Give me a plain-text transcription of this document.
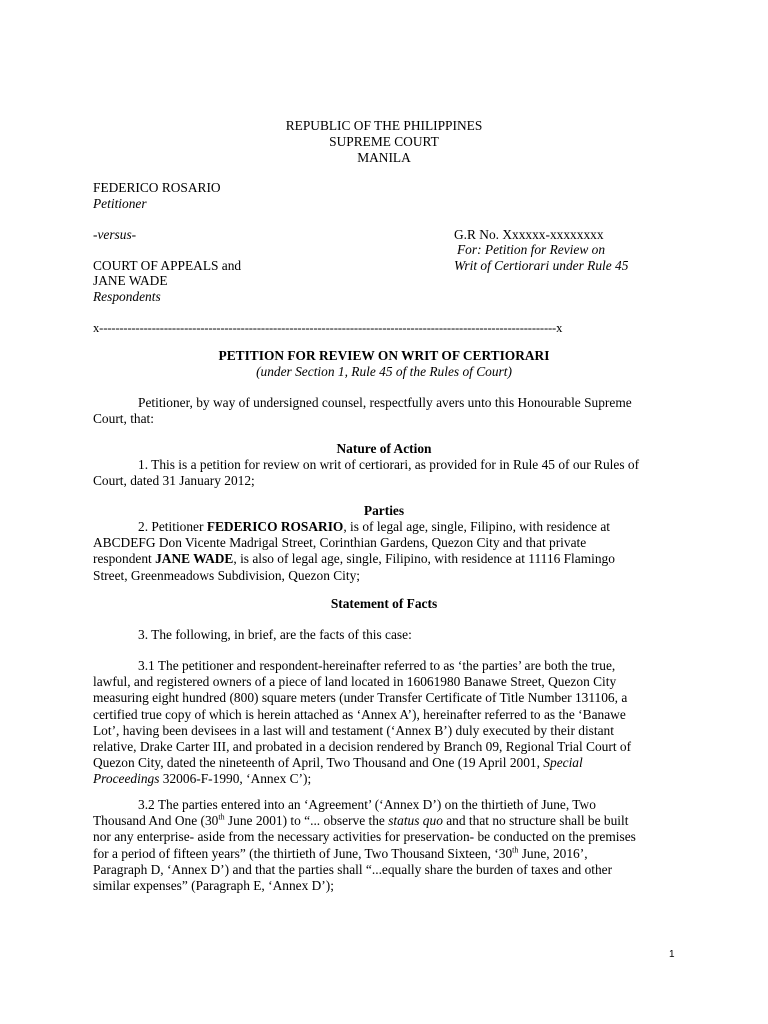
REPUBLIC OF THE PHILIPPINES
SUPREME COURT
MANILA
FEDERICO ROSARIO
Petitioner
-versus-
COURT OF APPEALS and
JANE WADE
Respondents
G.R No. Xxxxxx-xxxxxxxx
For: Petition for Review on
Writ of Certiorari under Rule 45
x-----------------------------------------------------------------------------------------------------------------x
PETITION FOR REVIEW ON WRIT OF CERTIORARI
(under Section 1, Rule 45 of the Rules of Court)
Petitioner, by way of undersigned counsel, respectfully avers unto this Honourable Supreme
Court, that:
Nature of Action
1. This is a petition for review on writ of certiorari, as provided for in Rule 45 of our Rules of
Court, dated 31 January 2012;
Parties
2. Petitioner FEDERICO ROSARIO, is of legal age, single, Filipino, with residence at
ABCDEFG Don Vicente Madrigal Street, Corinthian Gardens, Quezon City and that private
respondent JANE WADE, is also of legal age, single, Filipino, with residence at 11116 Flamingo
Street, Greenmeadows Subdivision, Quezon City;
Statement of Facts
3. The following, in brief, are the facts of this case:
3.1 The petitioner and respondent-hereinafter referred to as ‘the parties’ are both the true,
lawful, and registered owners of a piece of land located in 16061980 Banawe Street, Quezon City
measuring eight hundred (800) square meters (under Transfer Certificate of Title Number 131106, a
certified true copy of which is herein attached as ‘Annex A’), hereinafter referred to as the ‘Banawe
Lot’, having been devisees in a last will and testament (‘Annex B’) duly executed by their distant
relative, Drake Carter III, and probated in a decision rendered by Branch 09, Regional Trial Court of
Quezon City, dated the nineteenth of April, Two Thousand and One (19 April 2001, Special
Proceedings 32006-F-1990, ‘Annex C’);
3.2 The parties entered into an ‘Agreement’ (‘Annex D’) on the thirtieth of June, Two
Thousand And One (30th June 2001) to “... observe the status quo and that no structure shall be built
nor any enterprise- aside from the necessary activities for preservation- be conducted on the premises
for a period of fifteen years” (the thirtieth of June, Two Thousand Sixteen, ‘30th June, 2016’,
Paragraph D, ‘Annex D’) and that the parties shall “...equally share the burden of taxes and other
similar expenses” (Paragraph E, ‘Annex D’);
1
